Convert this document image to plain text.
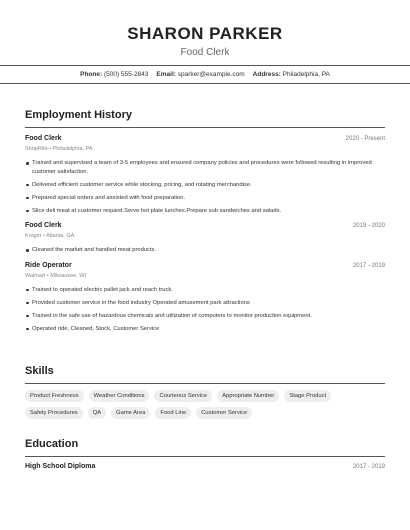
SHARON PARKER
Food Clerk
Phone: (500) 555-2843 Email: sparker@example.com Address: Philadelphia, PA
Employment History
Food Clerk	2020 - Present
ShopRite • Philadelphia, PA
Trained and supervised a team of 3-5 employees and ensured company policies and procedures were followed resulting in improved customer satisfaction.
Delivered efficient customer service while stocking, pricing, and rotating merchandise.
Prepared special orders and assisted with food preparation.
Slice deli meat at customer request.Serve hot plate lunches.Prepare sub sandwiches and salads.
Food Clerk	2019 - 2020
Kroger • Atlanta, GA
Cleaned the market and handled meat products.
Ride Operator	2017 - 2019
Walmart • Milwaukee, WI
Trained to operated electric pallet jack and reach truck.
Provided customer service in the food industry Operated amusement park attractions
Trained in the safe use of hazardous chemicals and utilization of computers to monitor production equipment.
Operated ride, Cleaned, Stock, Customer Service
Skills
Product Freshness	Weather Conditions	Courteous Service	Appropriate Number	Stage Product
Safety Procedures	QA	Game Area	Food Line	Customer Service
Education
High School Diploma	2017 - 2019
